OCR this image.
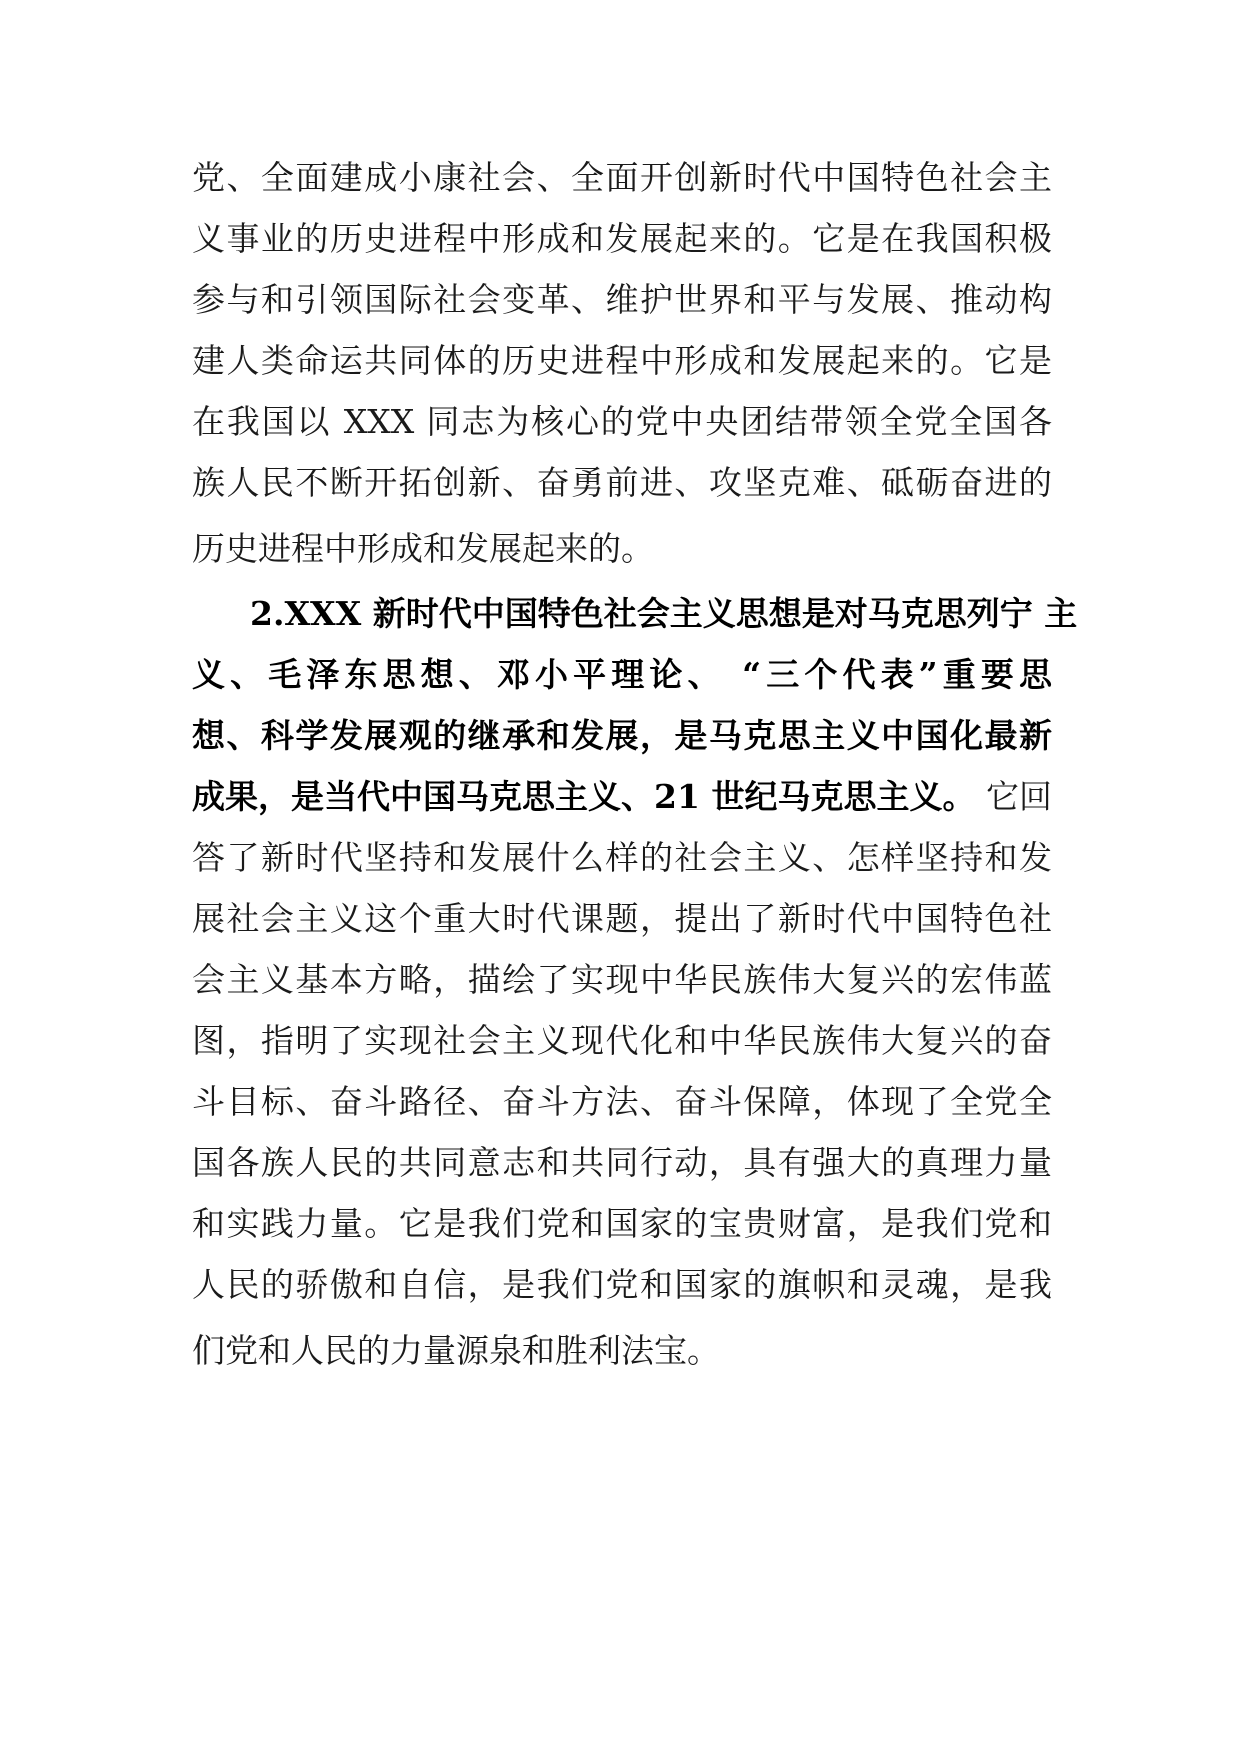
党、全面建成小康社会、全面开创新时代中国特色社会主
义事业的历史进程中形成和发展起来的。它是在我国积极
参与和引领国际社会变革、维护世界和平与发展、推动构
建人类命运共同体的历史进程中形成和发展起来的。它是
在我国以 XXX 同志为核心的党中央团结带领全党全国各
族人民不断开拓创新、奋勇前进、攻坚克难、砥砺奋进的
历史进程中形成和发展起来的。
2.XXX 新时代中国特色社会主义思想是对马克思列宁 主
义、毛泽东思想、邓小平理论、 “三个代表”重要思
想、科学发展观的继承和发展，是马克思主义中国化最新
成果，是当代中国马克思主义、21 世纪马克思主义。 它回
答了新时代坚持和发展什么样的社会主义、怎样坚持和发
展社会主义这个重大时代课题，提出了新时代中国特色社
会主义基本方略，描绘了实现中华民族伟大复兴的宏伟蓝
图，指明了实现社会主义现代化和中华民族伟大复兴的奋
斗目标、奋斗路径、奋斗方法、奋斗保障，体现了全党全
国各族人民的共同意志和共同行动，具有强大的真理力量
和实践力量。它是我们党和国家的宝贵财富，是我们党和
人民的骄傲和自信，是我们党和国家的旗帜和灵魂，是我
们党和人民的力量源泉和胜利法宝。
